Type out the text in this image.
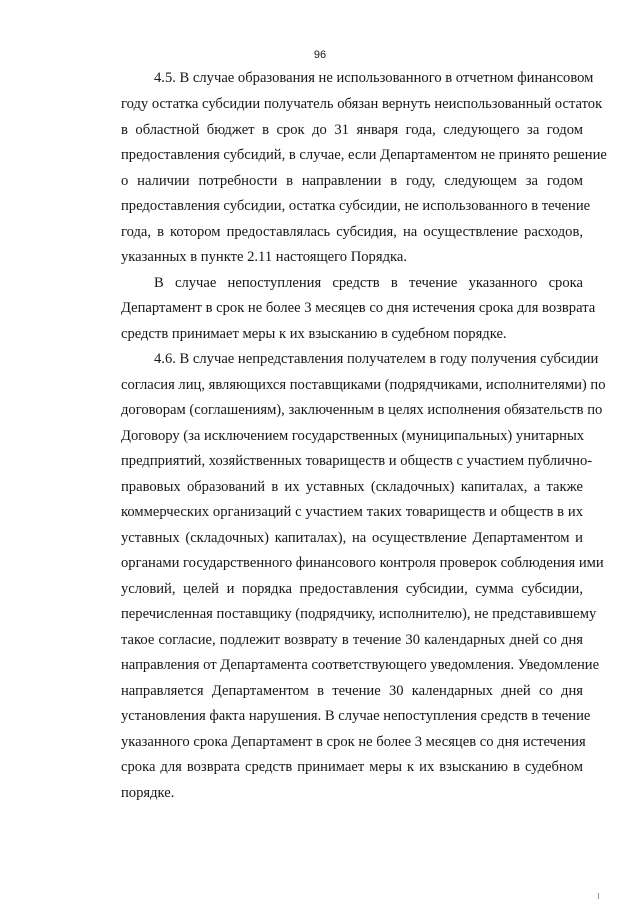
96
4.5. В случае образования не использованного в отчетном финансовом
году остатка субсидии получатель обязан вернуть неиспользованный остаток
в областной бюджет в срок до 31 января года, следующего за годом
предоставления субсидий, в случае, если Департаментом не принято решение
о наличии потребности в направлении в году, следующем за годом
предоставления субсидии, остатка субсидии, не использованного в течение
года, в котором предоставлялась субсидия, на осуществление расходов,
указанных в пункте 2.11 настоящего Порядка.
В случае непоступления средств в течение указанного срока
Департамент в срок не более 3 месяцев со дня истечения срока для возврата
средств принимает меры к их взысканию в судебном порядке.
4.6. В случае непредставления получателем в году получения субсидии
согласия лиц, являющихся поставщиками (подрядчиками, исполнителями) по
договорам (соглашениям), заключенным в целях исполнения обязательств по
Договору (за исключением государственных (муниципальных) унитарных
предприятий, хозяйственных товариществ и обществ с участием публично-
правовых образований в их уставных (складочных) капиталах, а также
коммерческих организаций с участием таких товариществ и обществ в их
уставных (складочных) капиталах), на осуществление Департаментом и
органами государственного финансового контроля проверок соблюдения ими
условий, целей и порядка предоставления субсидии, сумма субсидии,
перечисленная поставщику (подрядчику, исполнителю), не представившему
такое согласие, подлежит возврату в течение 30 календарных дней со дня
направления от Департамента соответствующего уведомления. Уведомление
направляется Департаментом в течение 30 календарных дней со дня
установления факта нарушения. В случае непоступления средств в течение
указанного срока Департамент в срок не более 3 месяцев со дня истечения
срока для возврата средств принимает меры к их взысканию в судебном
порядке.
